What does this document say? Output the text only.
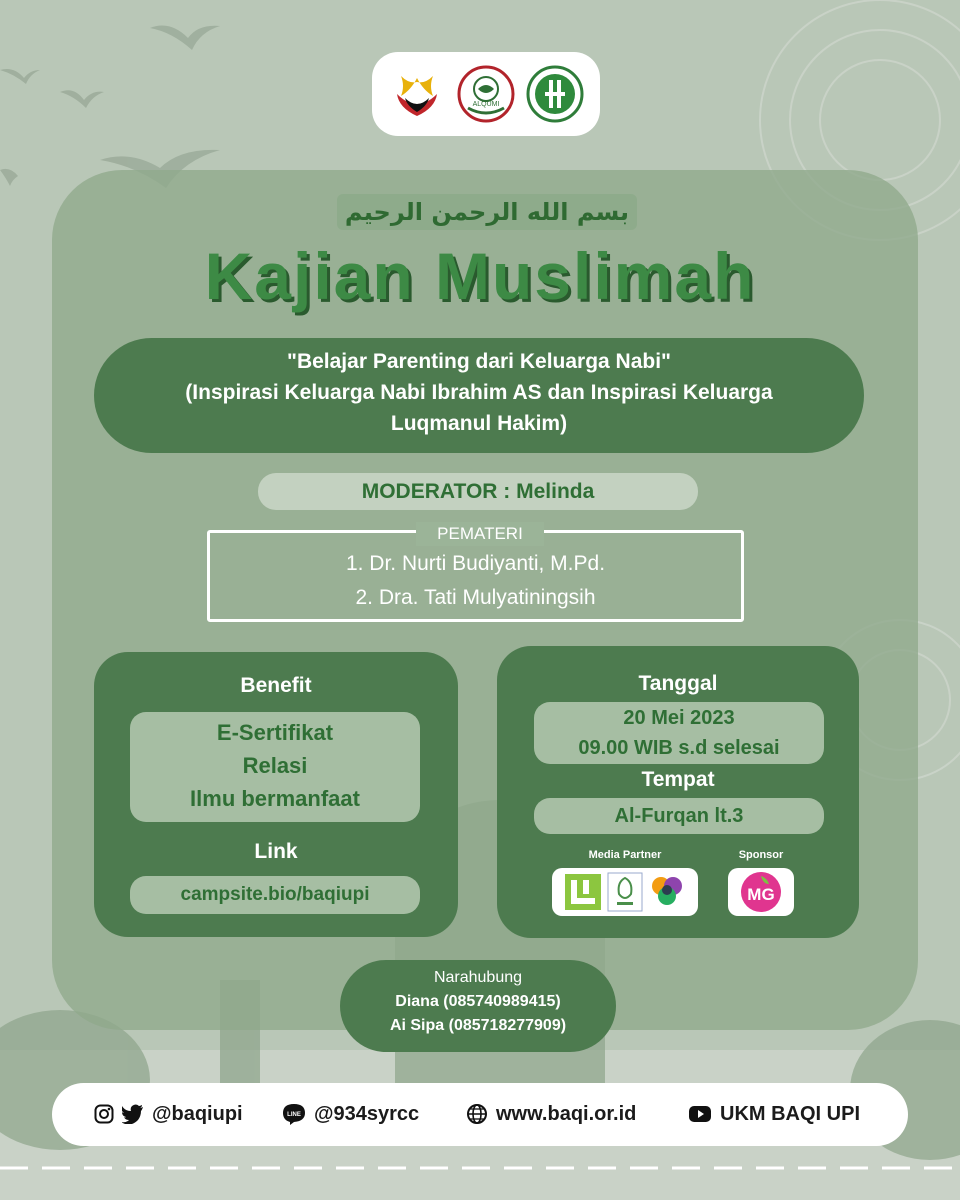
ALQUMI
بسم الله الرحمن الرحيم
Kajian Muslimah
"Belajar Parenting dari Keluarga Nabi"
(Inspirasi Keluarga Nabi Ibrahim AS dan Inspirasi Keluarga
Luqmanul Hakim)
MODERATOR : Melinda
PEMATERI
1. Dr. Nurti Budiyanti, M.Pd.
2. Dra. Tati Mulyatiningsih
Benefit
E-Sertifikat
Relasi
Ilmu bermanfaat
Link
campsite.bio/baqiupi
Tanggal
20 Mei 2023
09.00 WIB s.d selesai
Tempat
Al-Furqan lt.3
Media Partner	Sponsor
MG
Narahubung
Diana (085740989415)
Ai Sipa (085718277909)
@baqiupi	LINE @934syrcc	www.baqi.or.id	UKM BAQI UPI
